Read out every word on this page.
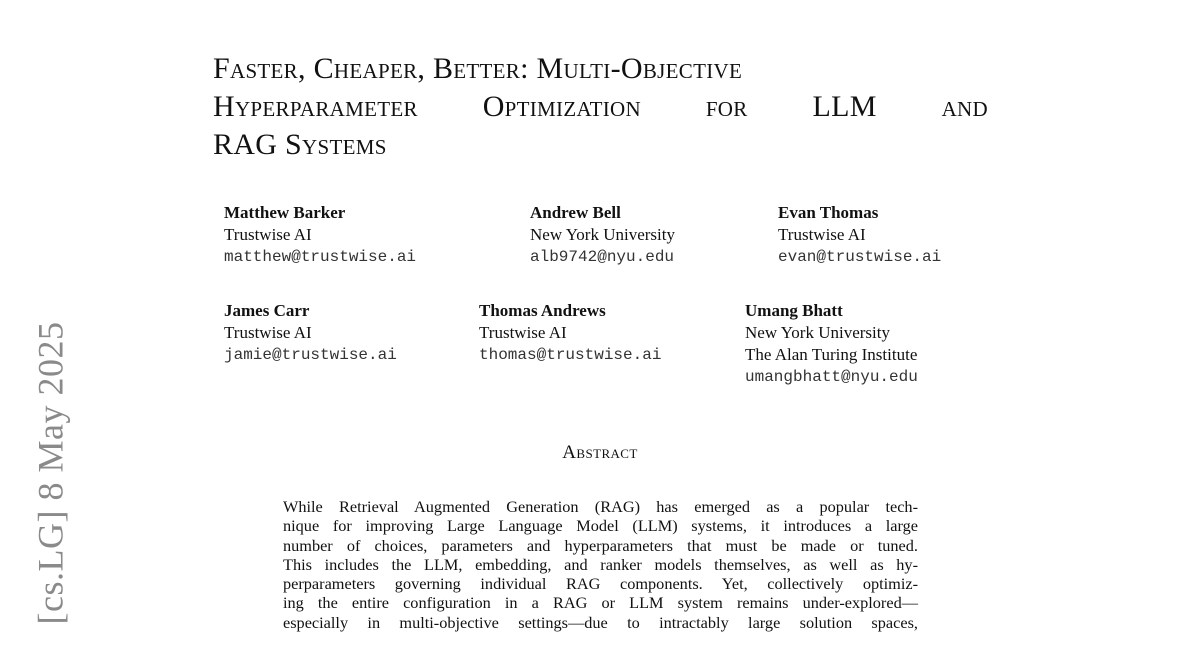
[cs.LG] 8 May 2025
Faster, Cheaper, Better: Multi-Objective
Hyperparameter Optimization for LLM and
RAG Systems
Matthew Barker
Trustwise AI
matthew@trustwise.ai
Andrew Bell
New York University
alb9742@nyu.edu
Evan Thomas
Trustwise AI
evan@trustwise.ai
James Carr
Trustwise AI
jamie@trustwise.ai
Thomas Andrews
Trustwise AI
thomas@trustwise.ai
Umang Bhatt
New York University
The Alan Turing Institute
umangbhatt@nyu.edu
Abstract
While Retrieval Augmented Generation (RAG) has emerged as a popular tech-
nique for improving Large Language Model (LLM) systems, it introduces a large
number of choices, parameters and hyperparameters that must be made or tuned.
This includes the LLM, embedding, and ranker models themselves, as well as hy-
perparameters governing individual RAG components. Yet, collectively optimiz-
ing the entire configuration in a RAG or LLM system remains under-explored—
especially in multi-objective settings—due to intractably large solution spaces,
